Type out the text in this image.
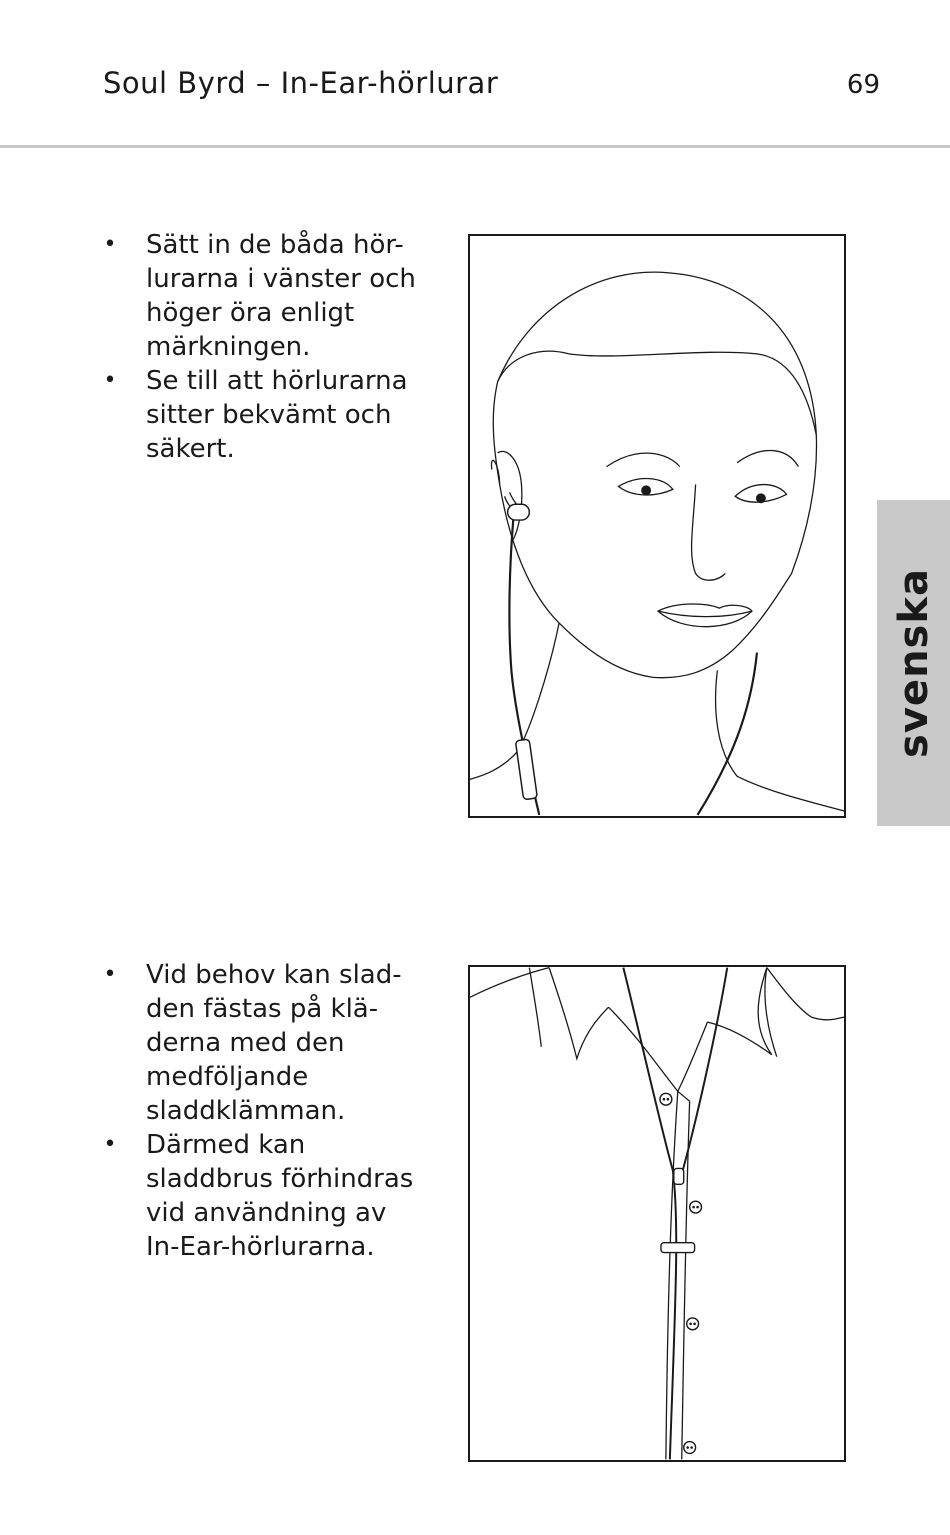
Soul Byrd – In-Ear-hörlurar	69
• Sätt in de båda hör-
lurarna i vänster och
höger öra enligt
märkningen.
• Se till att hörlurarna
sitter bekvämt och
säkert.
svenska
• Vid behov kan slad-
den fästas på klä-
derna med den
medföljande
sladdklämman.
• Därmed kan
sladdbrus förhindras
vid användning av
In-Ear-hörlurarna.
